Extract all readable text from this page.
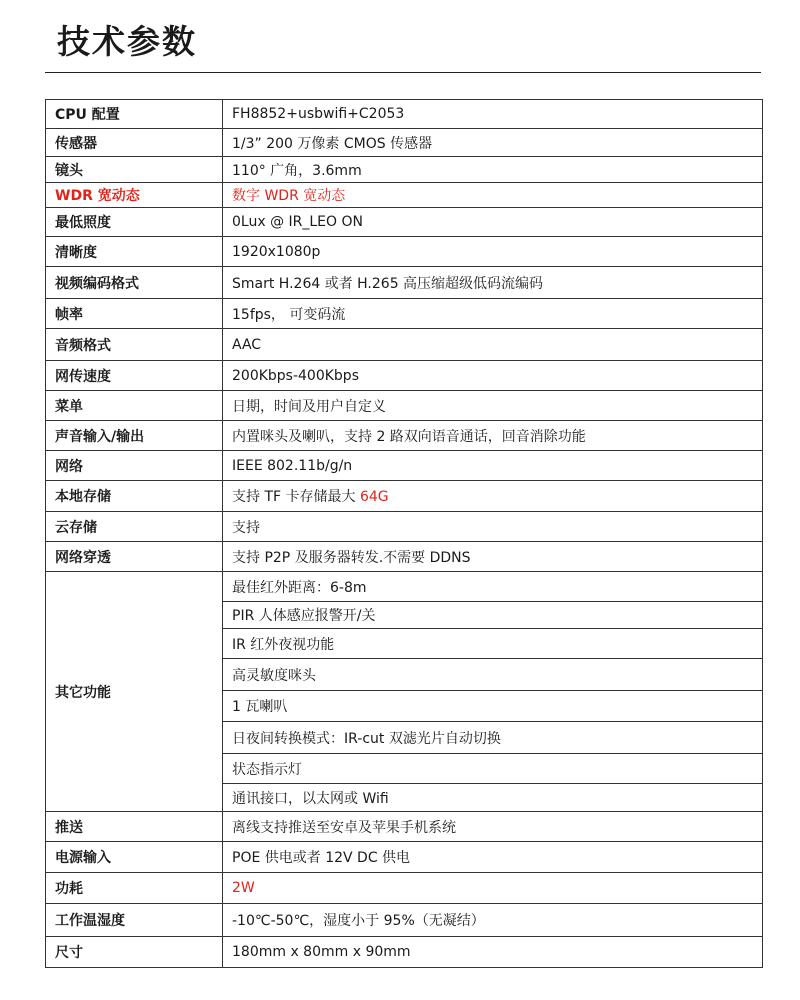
技术参数
CPU 配置	FH8852+usbwifi+C2053
传感器	1/3” 200 万像素 CMOS 传感器
镜头	110° 广角，3.6mm
WDR 宽动态	数字 WDR 宽动态
最低照度	0Lux @ IR_LEO ON
清晰度	1920x1080p
视频编码格式	Smart H.264 或者 H.265 高压缩超级低码流编码
帧率	15fps， 可变码流
音频格式	AAC
网传速度	200Kbps-400Kbps
菜单	日期，时间及用户自定义
声音输入/输出	内置咪头及喇叭，支持 2 路双向语音通话，回音消除功能
网络	IEEE 802.11b/g/n
本地存储	支持 TF 卡存储最大 64G
云存储	支持
网络穿透	支持 P2P 及服务器转发.不需要 DDNS
其它功能	最佳红外距离：6-8m
	PIR 人体感应报警开/关
	IR 红外夜视功能
	高灵敏度咪头
	1 瓦喇叭
	日夜间转换模式：IR-cut 双滤光片自动切换
	状态指示灯
	通讯接口，以太网或 Wifi
推送	离线支持推送至安卓及苹果手机系统
电源输入	POE 供电或者 12V DC 供电
功耗	2W
工作温湿度	-10℃-50℃，湿度小于 95%（无凝结）
尺寸	180mm x 80mm x 90mm
